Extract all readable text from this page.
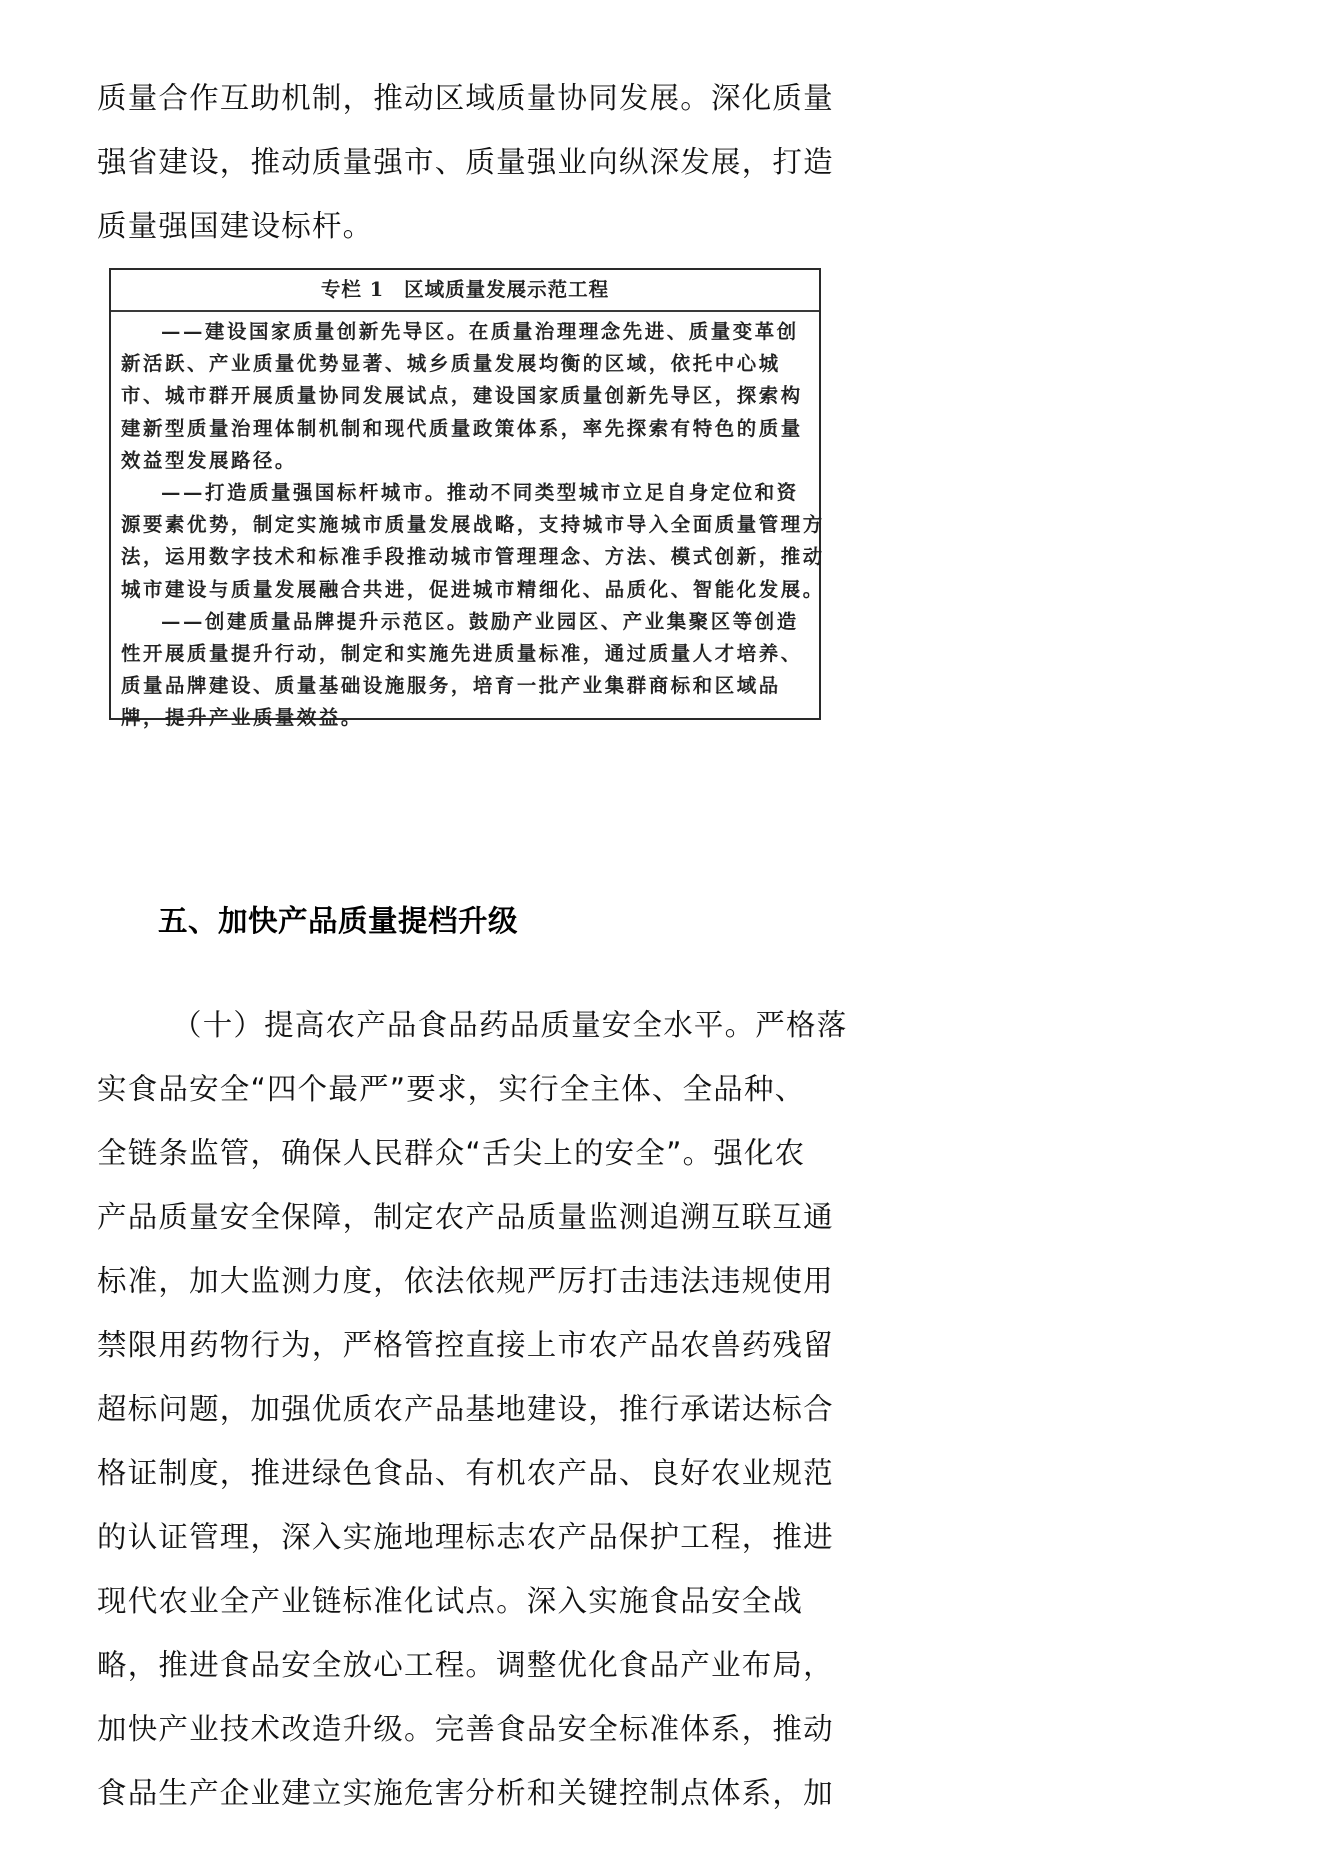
质量合作互助机制，推动区域质量协同发展。深化质量
强省建设，推动质量强市、质量强业向纵深发展，打造
质量强国建设标杆。
专栏 1 区域质量发展示范工程
——建设国家质量创新先导区。在质量治理理念先进、质量变革创
新活跃、产业质量优势显著、城乡质量发展均衡的区域，依托中心城
市、城市群开展质量协同发展试点，建设国家质量创新先导区，探索构
建新型质量治理体制机制和现代质量政策体系，率先探索有特色的质量
效益型发展路径。
——打造质量强国标杆城市。推动不同类型城市立足自身定位和资
源要素优势，制定实施城市质量发展战略，支持城市导入全面质量管理方
法，运用数字技术和标准手段推动城市管理理念、方法、模式创新，推动
城市建设与质量发展融合共进，促进城市精细化、品质化、智能化发展。
——创建质量品牌提升示范区。鼓励产业园区、产业集聚区等创造
性开展质量提升行动，制定和实施先进质量标准，通过质量人才培养、
质量品牌建设、质量基础设施服务，培育一批产业集群商标和区域品
牌，提升产业质量效益。
五、加快产品质量提档升级
（十）提高农产品食品药品质量安全水平。严格落
实食品安全“四个最严”要求，实行全主体、全品种、
全链条监管，确保人民群众“舌尖上的安全”。强化农
产品质量安全保障，制定农产品质量监测追溯互联互通
标准，加大监测力度，依法依规严厉打击违法违规使用
禁限用药物行为，严格管控直接上市农产品农兽药残留
超标问题，加强优质农产品基地建设，推行承诺达标合
格证制度，推进绿色食品、有机农产品、良好农业规范
的认证管理，深入实施地理标志农产品保护工程，推进
现代农业全产业链标准化试点。深入实施食品安全战
略，推进食品安全放心工程。调整优化食品产业布局，
加快产业技术改造升级。完善食品安全标准体系，推动
食品生产企业建立实施危害分析和关键控制点体系，加
